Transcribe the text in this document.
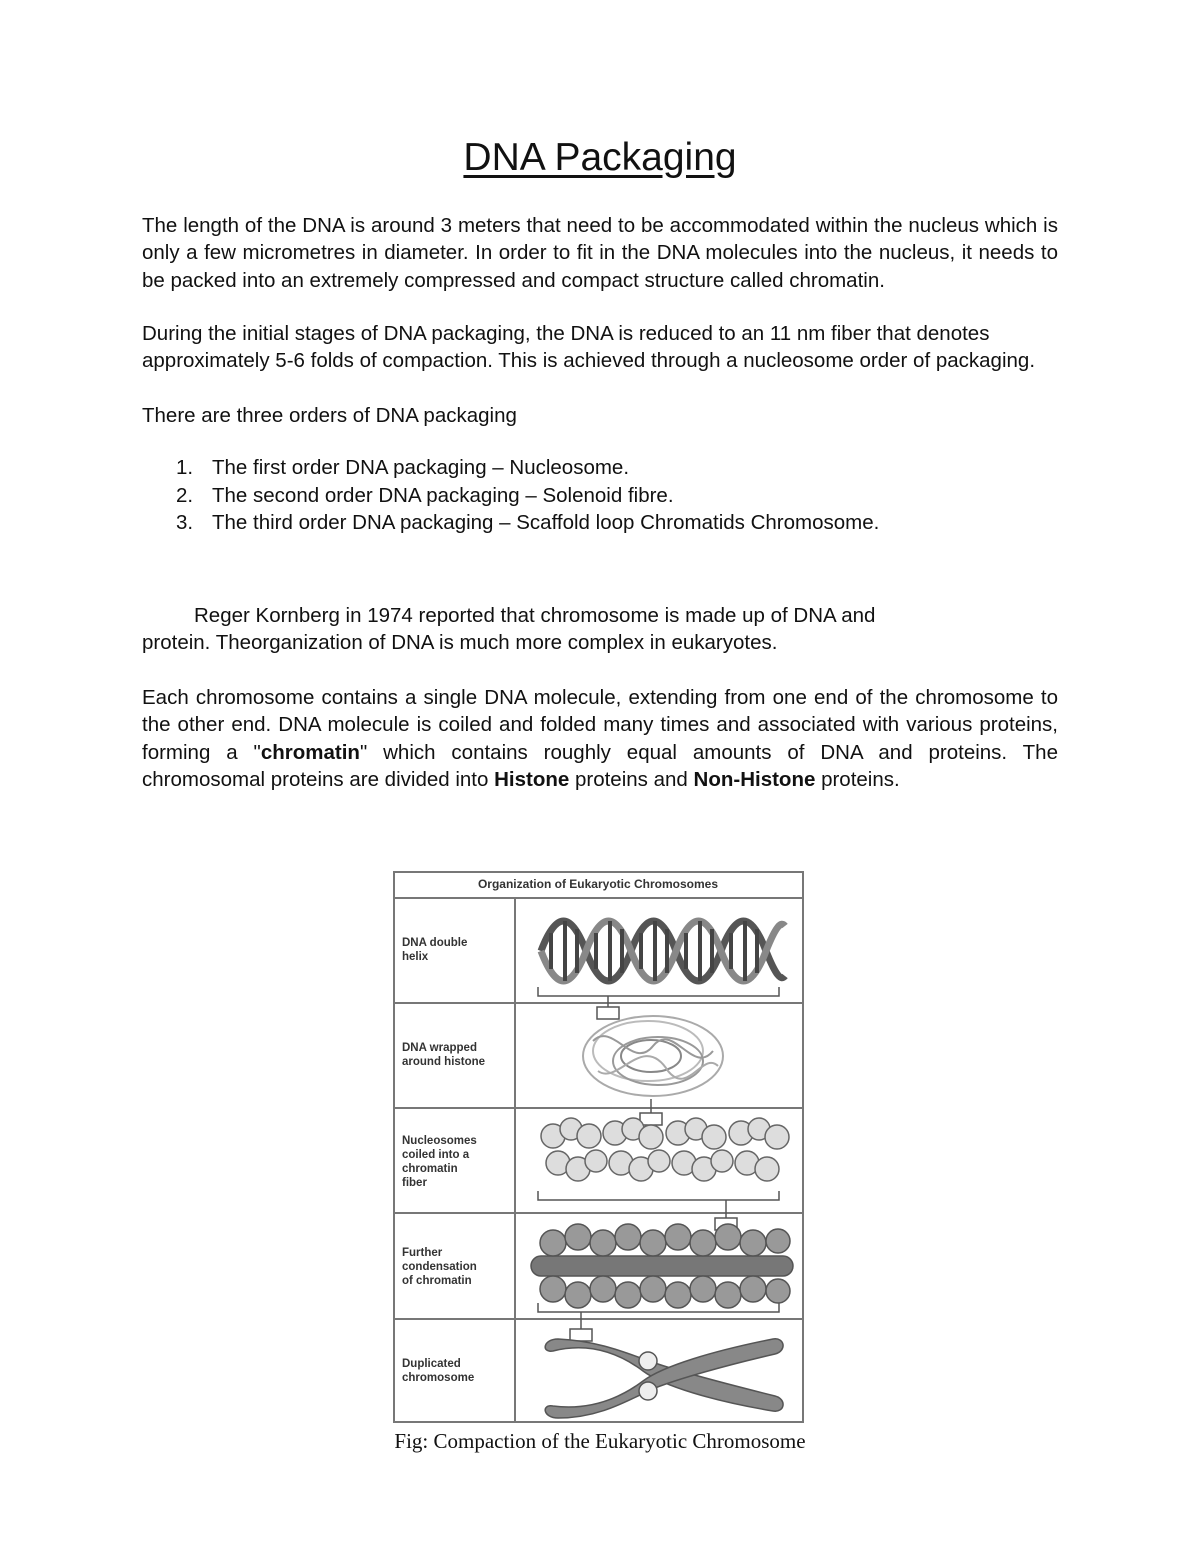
DNA Packaging

The length of the DNA is around 3 meters that need to be accommodated within the nucleus which is only a few micrometres in diameter. In order to fit in the DNA molecules into the nucleus, it needs to be packed into an extremely compressed and compact structure called chromatin.

During the initial stages of DNA packaging, the DNA is reduced to an 11 nm fiber that denotes approximately 5-6 folds of compaction. This is achieved through a nucleosome order of packaging.

There are three orders of DNA packaging

1. The first order DNA packaging – Nucleosome.
2. The second order DNA packaging – Solenoid fibre.
3. The third order DNA packaging – Scaffold loop Chromatids Chromosome.

Reger Kornberg in 1974 reported that chromosome is made up of DNA and
protein. Theorganization of DNA is much more complex in eukaryotes.

Each chromosome contains a single DNA molecule, extending from one end of the chromosome to the other end. DNA molecule is coiled and folded many times and associated with various proteins, forming a "chromatin" which contains roughly equal amounts of DNA and proteins. The chromosomal proteins are divided into Histone proteins and Non-Histone proteins.

Organization of Eukaryotic Chromosomes
DNA double helix
DNA wrapped around histone
Nucleosomes coiled into a chromatin fiber
Further condensation of chromatin
Duplicated chromosome

Fig: Compaction of the Eukaryotic Chromosome
